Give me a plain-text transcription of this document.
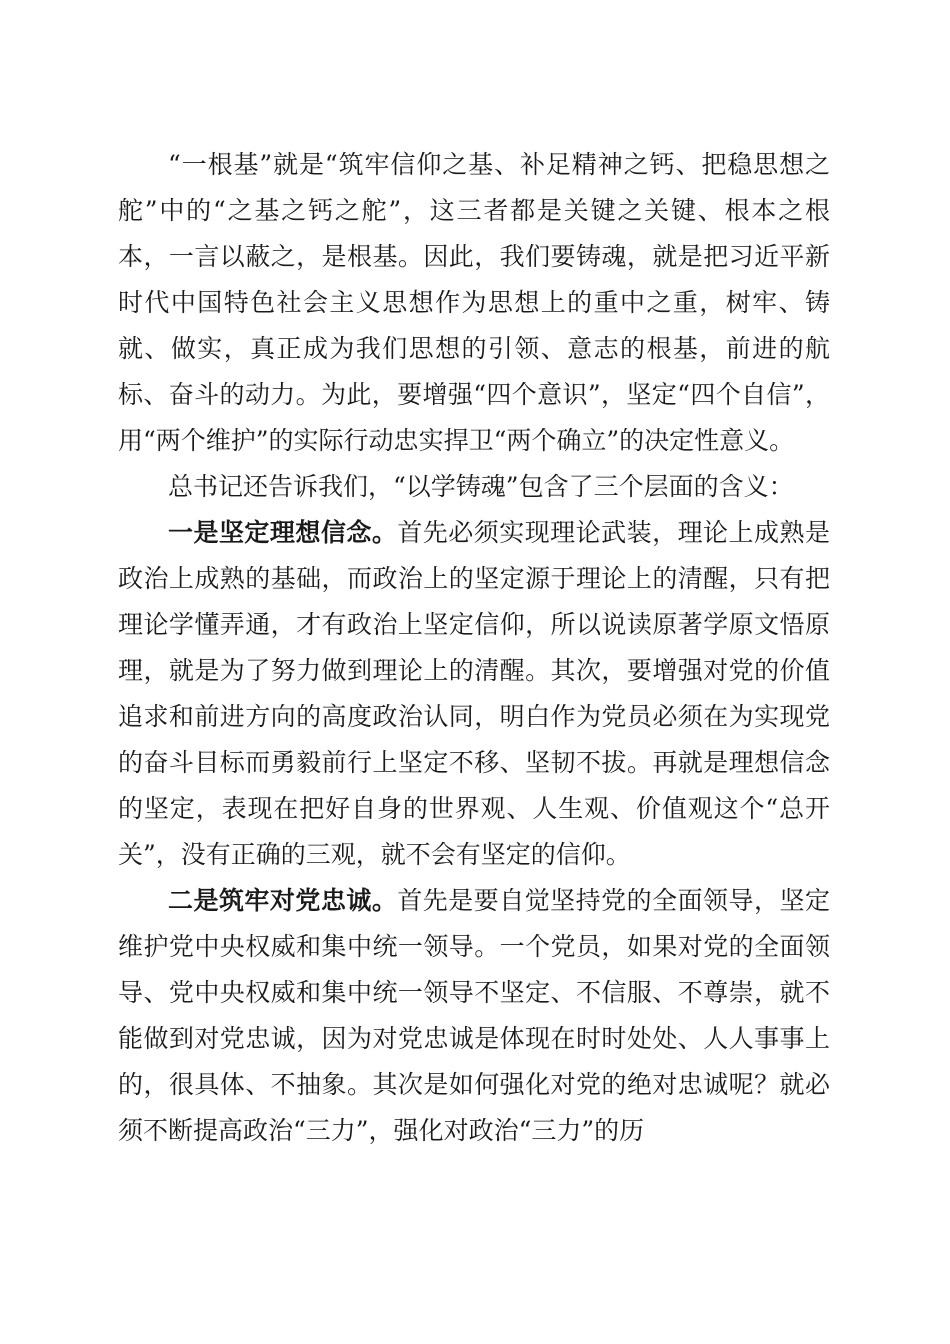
“一根基”就是“筑牢信仰之基、补足精神之钙、把稳思想之舵”中的“之基之钙之舵”，这三者都是关键之关键、根本之根本，一言以蔽之，是根基。因此，我们要铸魂，就是把习近平新时代中国特色社会主义思想作为思想上的重中之重，树牢、铸就、做实，真正成为我们思想的引领、意志的根基，前进的航标、奋斗的动力。为此，要增强“四个意识”，坚定“四个自信”，用“两个维护”的实际行动忠实捍卫“两个确立”的决定性意义。

总书记还告诉我们，“以学铸魂”包含了三个层面的含义：

一是坚定理想信念。首先必须实现理论武装，理论上成熟是政治上成熟的基础，而政治上的坚定源于理论上的清醒，只有把理论学懂弄通，才有政治上坚定信仰，所以说读原著学原文悟原理，就是为了努力做到理论上的清醒。其次，要增强对党的价值追求和前进方向的高度政治认同，明白作为党员必须在为实现党的奋斗目标而勇毅前行上坚定不移、坚韧不拔。再就是理想信念的坚定，表现在把好自身的世界观、人生观、价值观这个“总开关”，没有正确的三观，就不会有坚定的信仰。

二是筑牢对党忠诚。首先是要自觉坚持党的全面领导，坚定维护党中央权威和集中统一领导。一个党员，如果对党的全面领导、党中央权威和集中统一领导不坚定、不信服、不尊崇，就不能做到对党忠诚，因为对党忠诚是体现在时时处处、人人事事上的，很具体、不抽象。其次是如何强化对党的绝对忠诚呢？就必须不断提高政治“三力”，强化对政治“三力”的历
